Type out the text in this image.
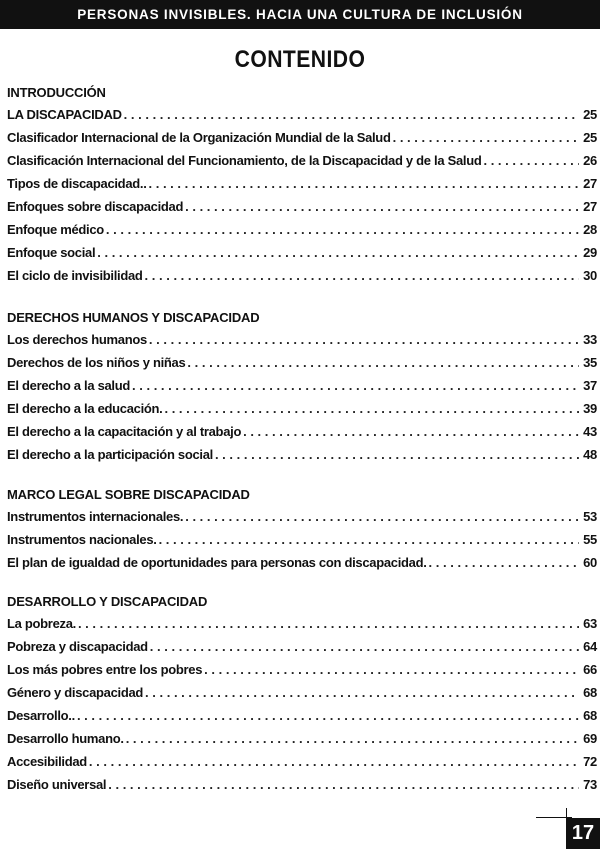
PERSONAS INVISIBLES. HACIA UNA CULTURA DE INCLUSIÓN
CONTENIDO
INTRODUCCIÓN
LA DISCAPACIDAD . . .	25
Clasificador Internacional de la Organización Mundial de la Salud . . .	25
Clasificación Internacional del Funcionamiento, de la Discapacidad y de la Salud . . .	26
Tipos de discapacidad.. . . .	27
Enfoques sobre discapacidad . . .	27
Enfoque médico . . .	28
Enfoque social . . .	29
El ciclo de invisibilidad . . .	30
DERECHOS HUMANOS Y DISCAPACIDAD
Los derechos humanos . . .	33
Derechos de los niños y niñas . . .	35
El derecho a la salud . . .	37
El derecho a la educación. . . .	39
El derecho a la capacitación y al trabajo . . .	43
El derecho a la participación social . . .	48
MARCO LEGAL SOBRE DISCAPACIDAD
Instrumentos internacionales. . . .	53
Instrumentos nacionales. . . .	55
El plan de igualdad de oportunidades para personas con discapacidad. . . .	60
DESARROLLO Y DISCAPACIDAD
La pobreza. . . .	63
Pobreza y discapacidad . . .	64
Los más pobres entre los pobres . . .	66
Género y discapacidad . . .	68
Desarrollo.. . . .	68
Desarrollo humano. . . .	69
Accesibilidad . . .	72
Diseño universal . . .	73
17
